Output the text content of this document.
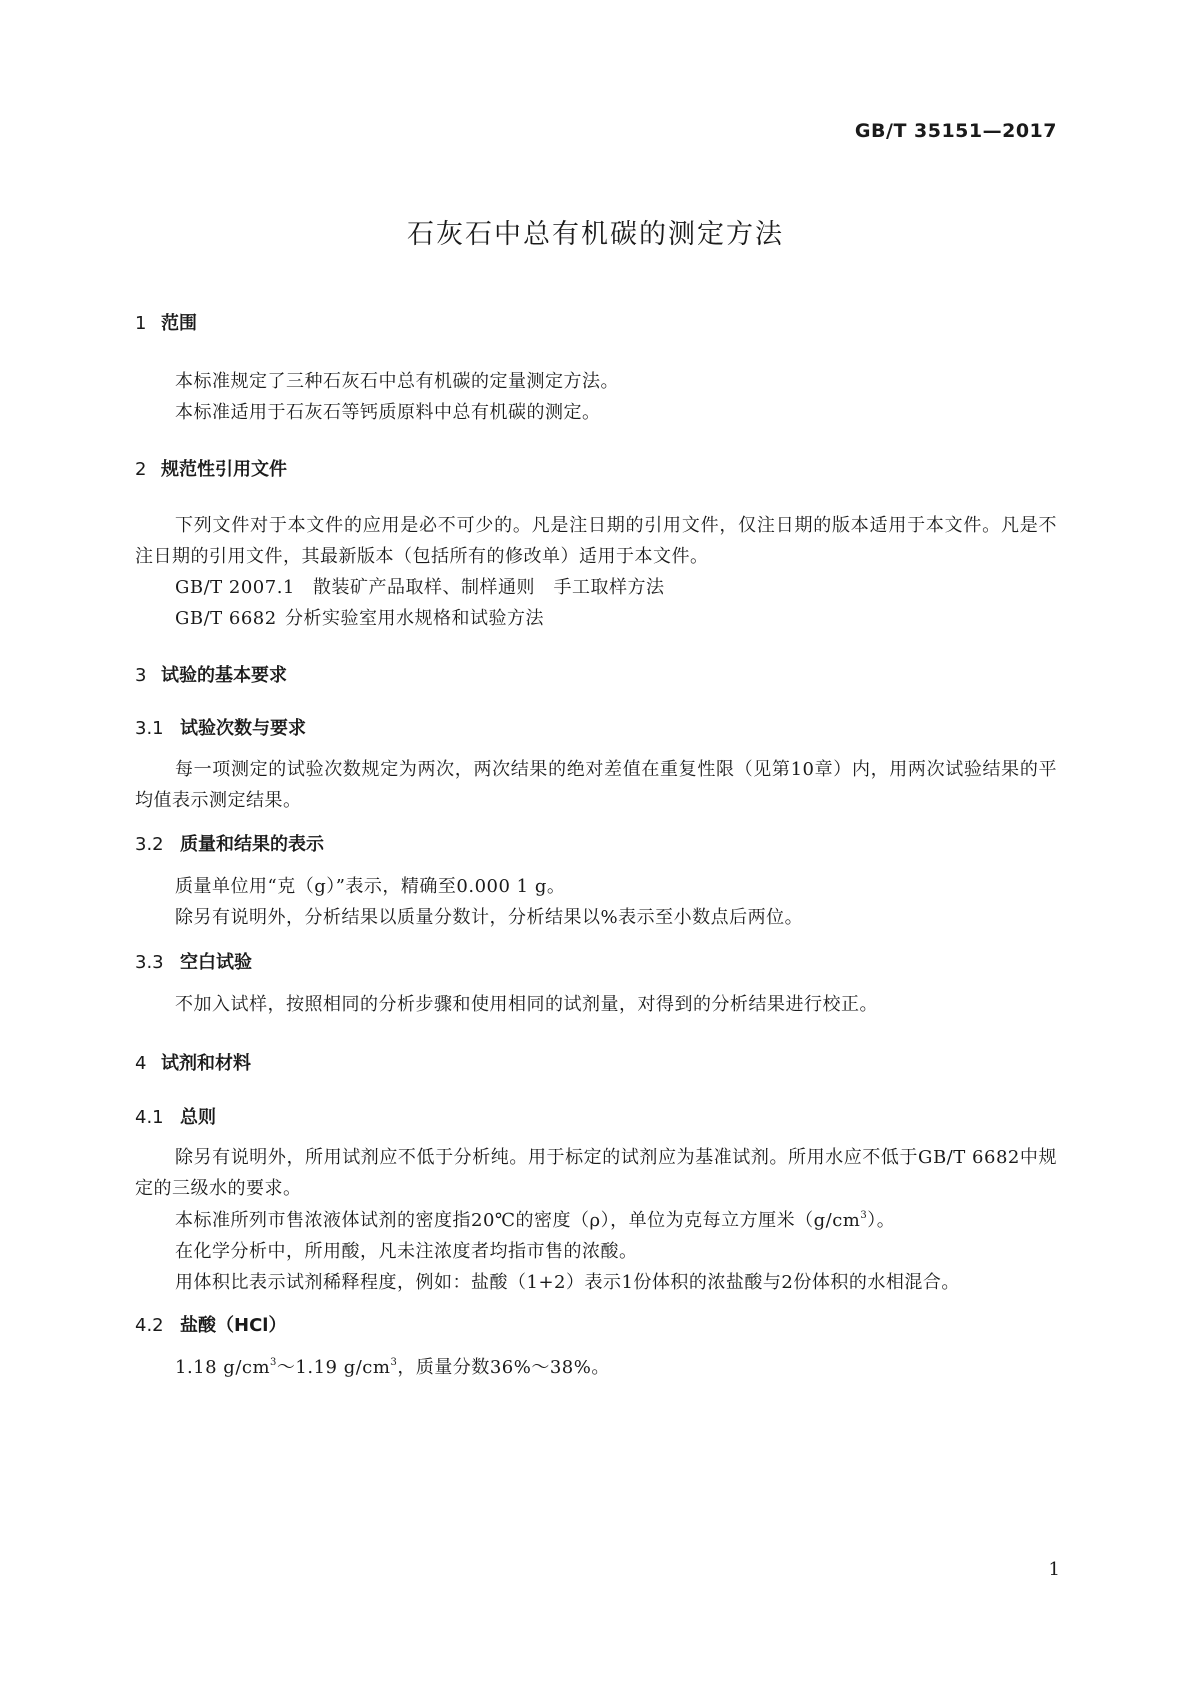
GB/T 35151—2017
石灰石中总有机碳的测定方法
1 范围
本标准规定了三种石灰石中总有机碳的定量测定方法。
本标准适用于石灰石等钙质原料中总有机碳的测定。
2 规范性引用文件
下列文件对于本文件的应用是必不可少的。凡是注日期的引用文件，仅注日期的版本适用于本文件。凡是不注日期的引用文件，其最新版本（包括所有的修改单）适用于本文件。
GB/T 2007.1 散装矿产品取样、制样通则　手工取样方法
GB/T 6682 分析实验室用水规格和试验方法
3 试验的基本要求
3.1 试验次数与要求
每一项测定的试验次数规定为两次，两次结果的绝对差值在重复性限（见第10章）内，用两次试验结果的平均值表示测定结果。
3.2 质量和结果的表示
质量单位用“克（g）”表示，精确至0.000 1 g。
除另有说明外，分析结果以质量分数计，分析结果以%表示至小数点后两位。
3.3 空白试验
不加入试样，按照相同的分析步骤和使用相同的试剂量，对得到的分析结果进行校正。
4 试剂和材料
4.1 总则
除另有说明外，所用试剂应不低于分析纯。用于标定的试剂应为基准试剂。所用水应不低于GB/T 6682中规定的三级水的要求。
本标准所列市售浓液体试剂的密度指20℃的密度（ρ），单位为克每立方厘米$(g/cm^3)$。
在化学分析中，所用酸，凡未注浓度者均指市售的浓酸。
用体积比表示试剂稀释程度，例如：盐酸（1+2）表示1份体积的浓盐酸与2份体积的水相混合。
4.2 盐酸（HCl）
1.18 $g/cm^3\sim 1.19$ $g/cm^3$，质量分数36%～38%。
1
